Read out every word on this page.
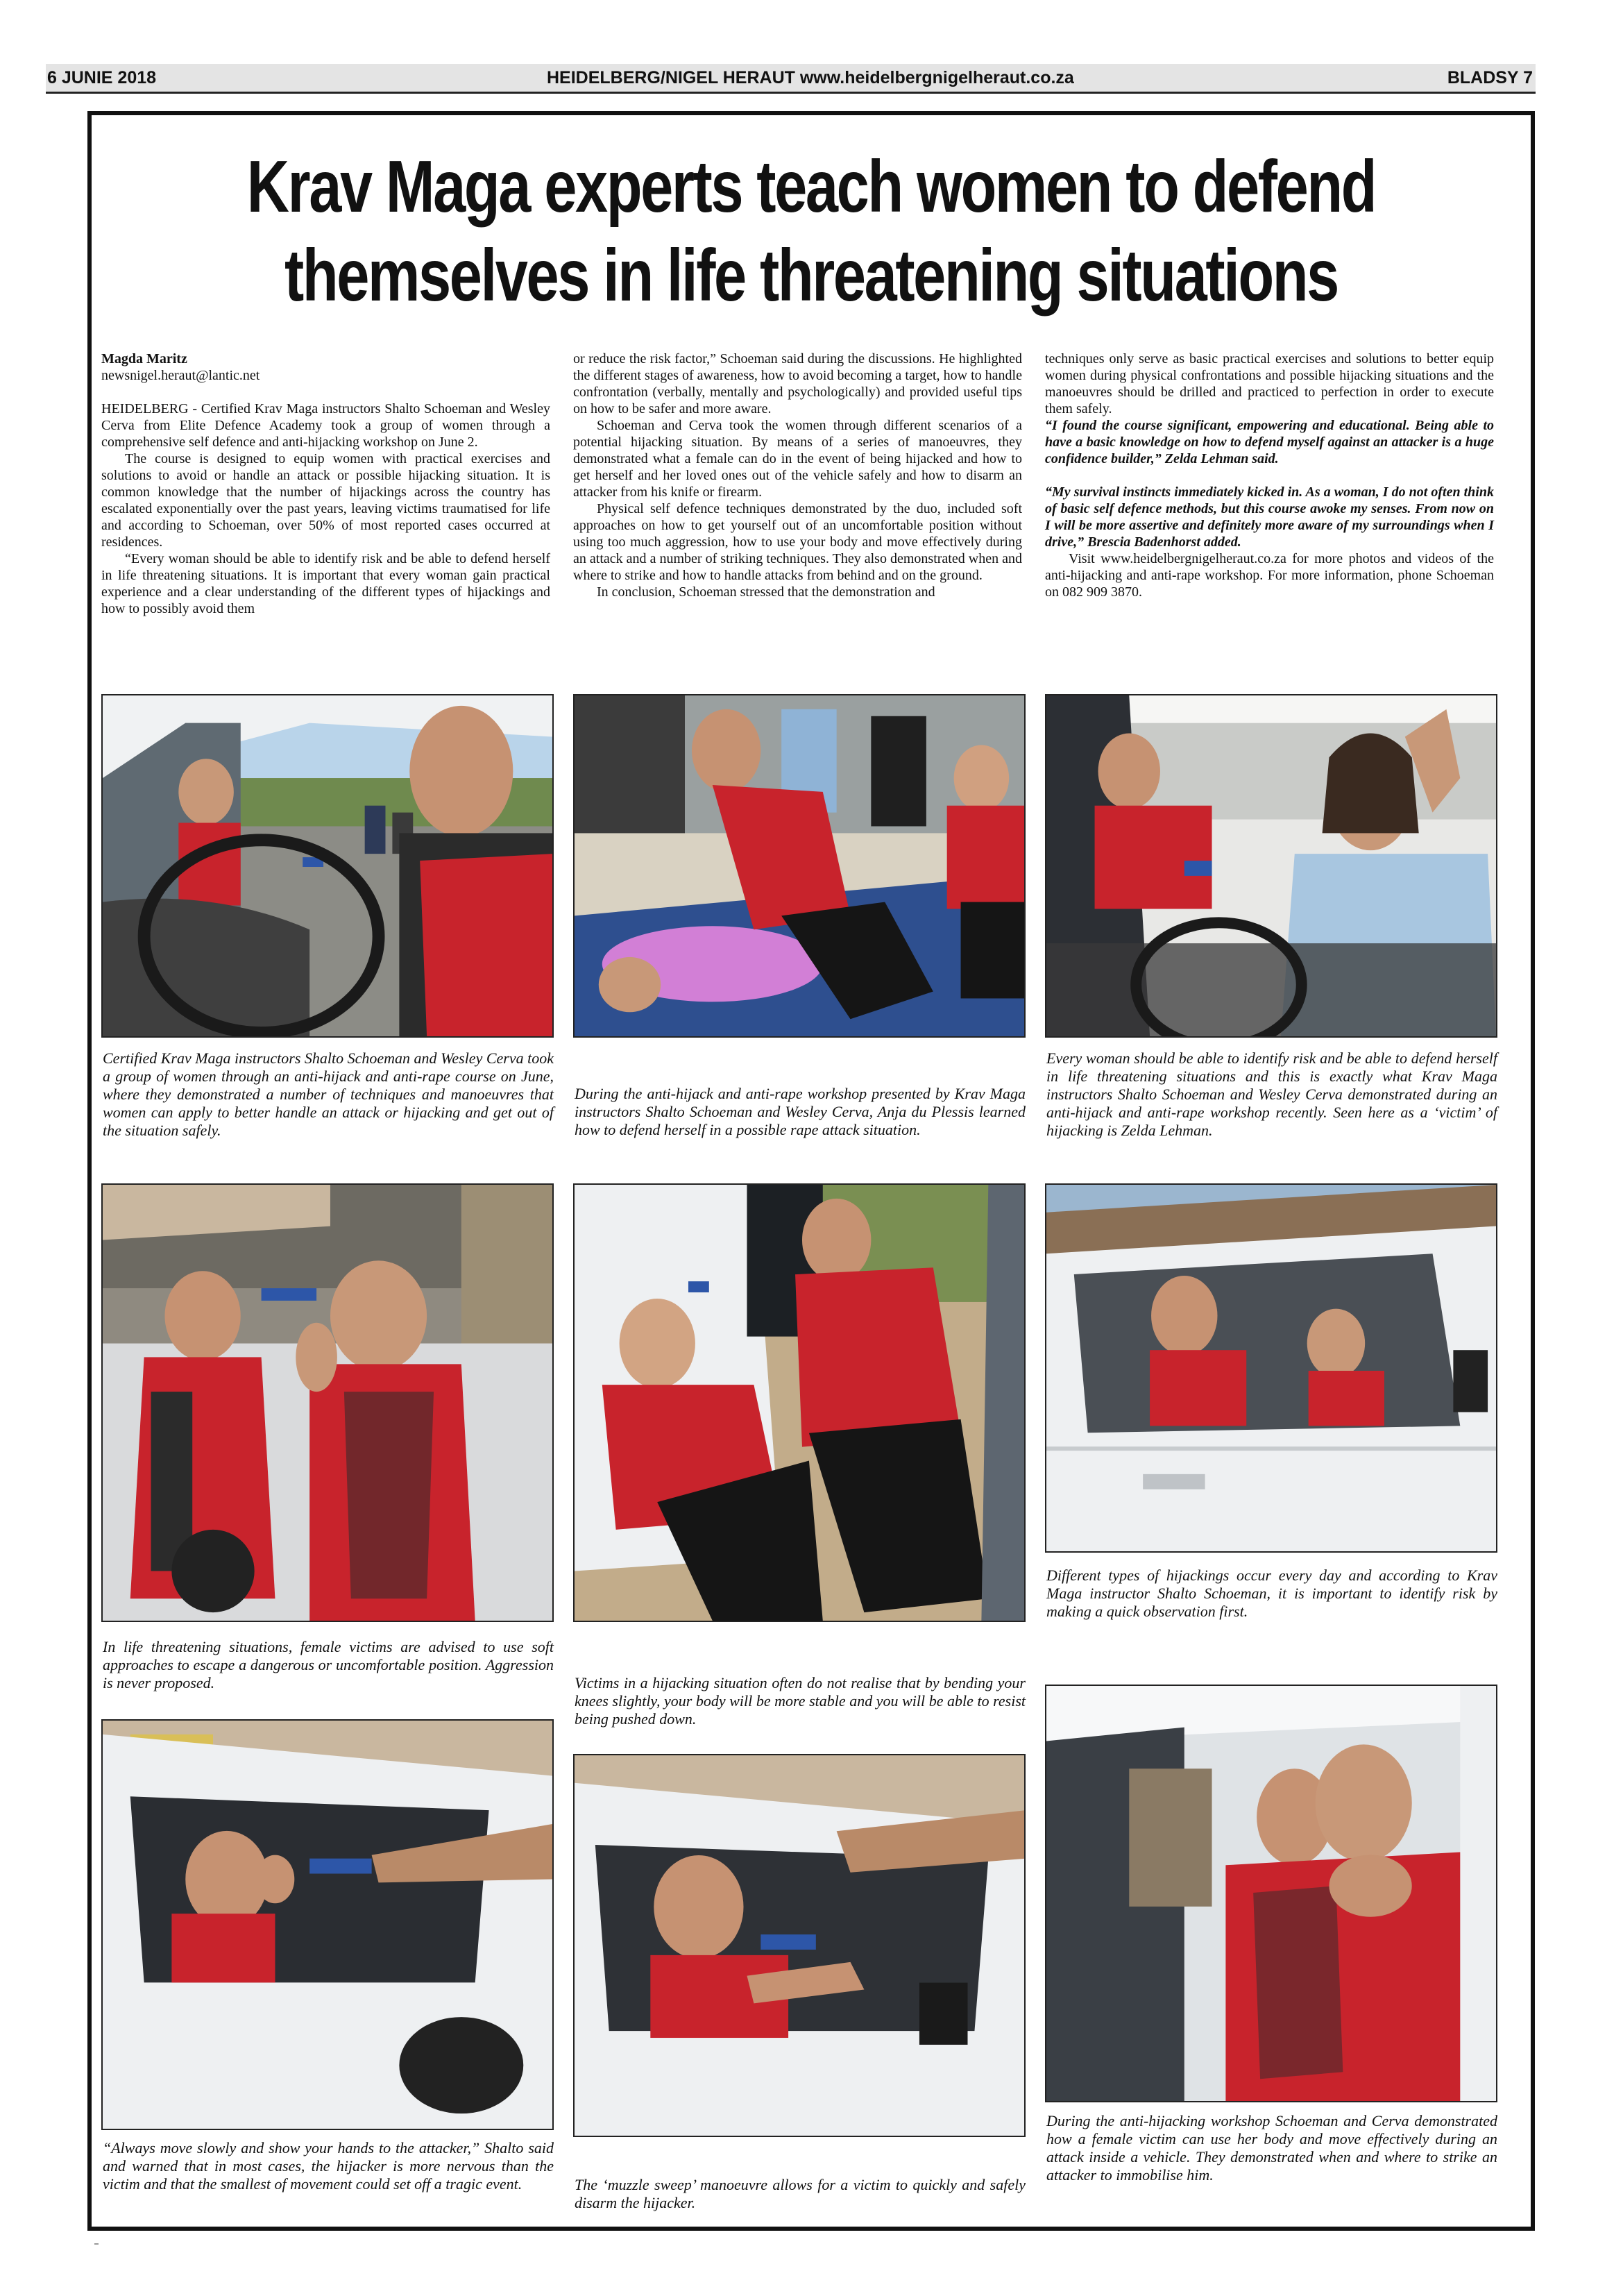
6 JUNIE 2018	HEIDELBERG/NIGEL HERAUT www.heidelbergnigelheraut.co.za	BLADSY 7
Krav Maga experts teach women to defend
themselves in life threatening situations

Magda Maritz

newsnigel.heraut@lantic.net

HEIDELBERG - Certified Krav Maga instructors Shalto Schoeman and Wesley Cerva from Elite Defence Academy took a group of women through a comprehensive self defence and anti-hijacking workshop on June 2.

The course is designed to equip women with practical exercises and solutions to avoid or handle an attack or possible hijacking situation. It is common knowledge that the number of hijackings across the country has escalated exponentially over the past years, leaving victims traumatised for life and according to Schoeman, over 50% of most reported cases occurred at residences.

“Every woman should be able to identify risk and be able to defend herself in life threatening situations. It is important that every woman gain practical experience and a clear understanding of the different types of hijackings and how to possibly avoid them

or reduce the risk factor,” Schoeman said during the discussions. He highlighted the different stages of awareness, how to avoid becoming a target, how to handle confrontation (verbally, mentally and psychologically) and provided useful tips on how to be safer and more aware.

Schoeman and Cerva took the women through different scenarios of a potential hijacking situation. By means of a series of manoeuvres, they demonstrated what a female can do in the event of being hijacked and how to get herself and her loved ones out of the vehicle safely and how to disarm an attacker from his knife or firearm.

Physical self defence techniques demonstrated by the duo, included soft approaches on how to get yourself out of an uncomfortable position without using too much aggression, how to use your body and move effectively during an attack and a number of striking techniques. They also demonstrated when and where to strike and how to handle attacks from behind and on the ground.

In conclusion, Schoeman stressed that the demonstration and

techniques only serve as basic practical exercises and solutions to better equip women during physical confrontations and possible hijacking situations and the manoeuvres should be drilled and practiced to perfection in order to execute them safely.

“I found the course significant, empowering and educational. Being able to have a basic knowledge on how to defend myself against an attacker is a huge confidence builder,” Zelda Lehman said.

“My survival instincts immediately kicked in. As a woman, I do not often think of basic self defence methods, but this course awoke my senses. From now on I will be more assertive and definitely more aware of my surroundings when I drive,” Brescia Badenhorst added.

Visit www.heidelbergnigelheraut.co.za for more photos and videos of the anti-hijacking and anti-rape workshop. For more information, phone Schoeman on 082 909 3870.

Certified Krav Maga instructors Shalto Schoeman and Wesley Cerva took a group of women through an anti-hijack and anti-rape course on June, where they demonstrated a number of techniques and manoeuvres that women can apply to better handle an attack or hijacking and get out of the situation safely.

During the anti-hijack and anti-rape workshop presented by Krav Maga instructors Shalto Schoeman and Wesley Cerva, Anja du Plessis learned how to defend herself in a possible rape attack situation.

Every woman should be able to identify risk and be able to defend herself in life threatening situations and this is exactly what Krav Maga instructors Shalto Schoeman and Wesley Cerva demonstrated during an anti-hijack and anti-rape workshop recently. Seen here as a ‘victim’ of hijacking is Zelda Lehman.

In life threatening situations, female victims are advised to use soft approaches to escape a dangerous or uncomfortable position. Aggression is never proposed.	Victims in a hijacking situation often do not realise that by bending your knees slightly, your body will be more stable and you will be able to resist being pushed down.

Different types of hijackings occur every day and according to Krav Maga instructor Shalto Schoeman, it is important to identify risk by making a quick observation first.

“Always move slowly and show your hands to the attacker,” Shalto said and warned that in most cases, the hijacker is more nervous than the victim and that the smallest of movement could set off a tragic event.	The ‘muzzle sweep’ manoeuvre allows for a victim to quickly and safely disarm the hijacker.

During the anti-hijacking workshop Schoeman and Cerva demonstrated how a female victim can use her body and move effectively during an attack inside a vehicle. They demonstrated when and where to strike an attacker to immobilise him.
